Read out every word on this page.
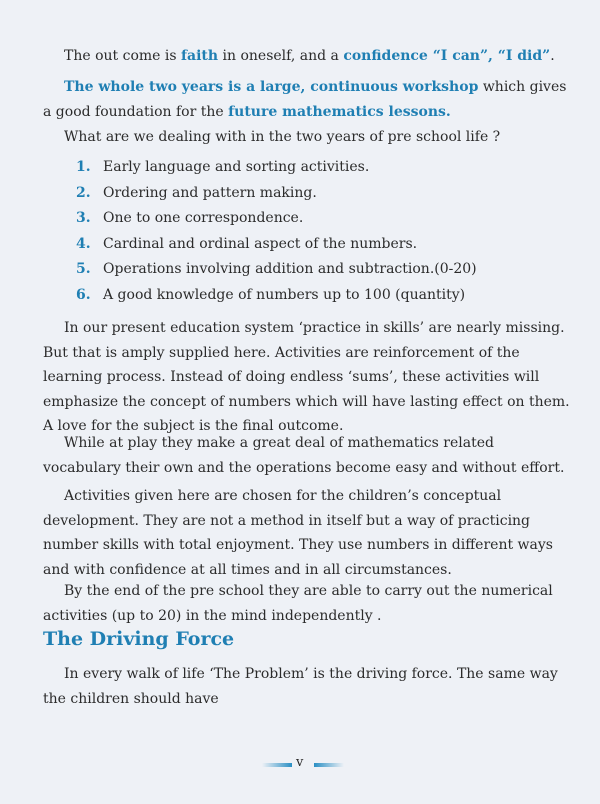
The out come is faith in oneself, and a confidence “I can”, “I did”.

The whole two years is a large, continuous workshop which gives a good foundation for the future mathematics lessons.

What are we dealing with in the two years of pre school life ?

1. Early language and sorting activities.
2. Ordering and pattern making.
3. One to one correspondence.
4. Cardinal and ordinal aspect of the numbers.
5. Operations involving addition and subtraction.(0-20)
6. A good knowledge of numbers up to 100 (quantity)

In our present education system ‘practice in skills’ are nearly missing. But that is amply supplied here. Activities are reinforcement of the learning process. Instead of doing endless ‘sums’, these activities will emphasize the concept of numbers which will have lasting effect on them. A love for the subject is the final outcome.

While at play they make a great deal of mathematics related vocabulary their own and the operations become easy and without effort.

Activities given here are chosen for the children’s conceptual development. They are not a method in itself but a way of practicing number skills with total enjoyment. They use numbers in different ways and with confidence at all times and in all circumstances.

By the end of the pre school they are able to carry out the numerical activities (up to 20) in the mind independently .

The Driving Force

In every walk of life ‘The Problem’ is the driving force. The same way the children should have

v
